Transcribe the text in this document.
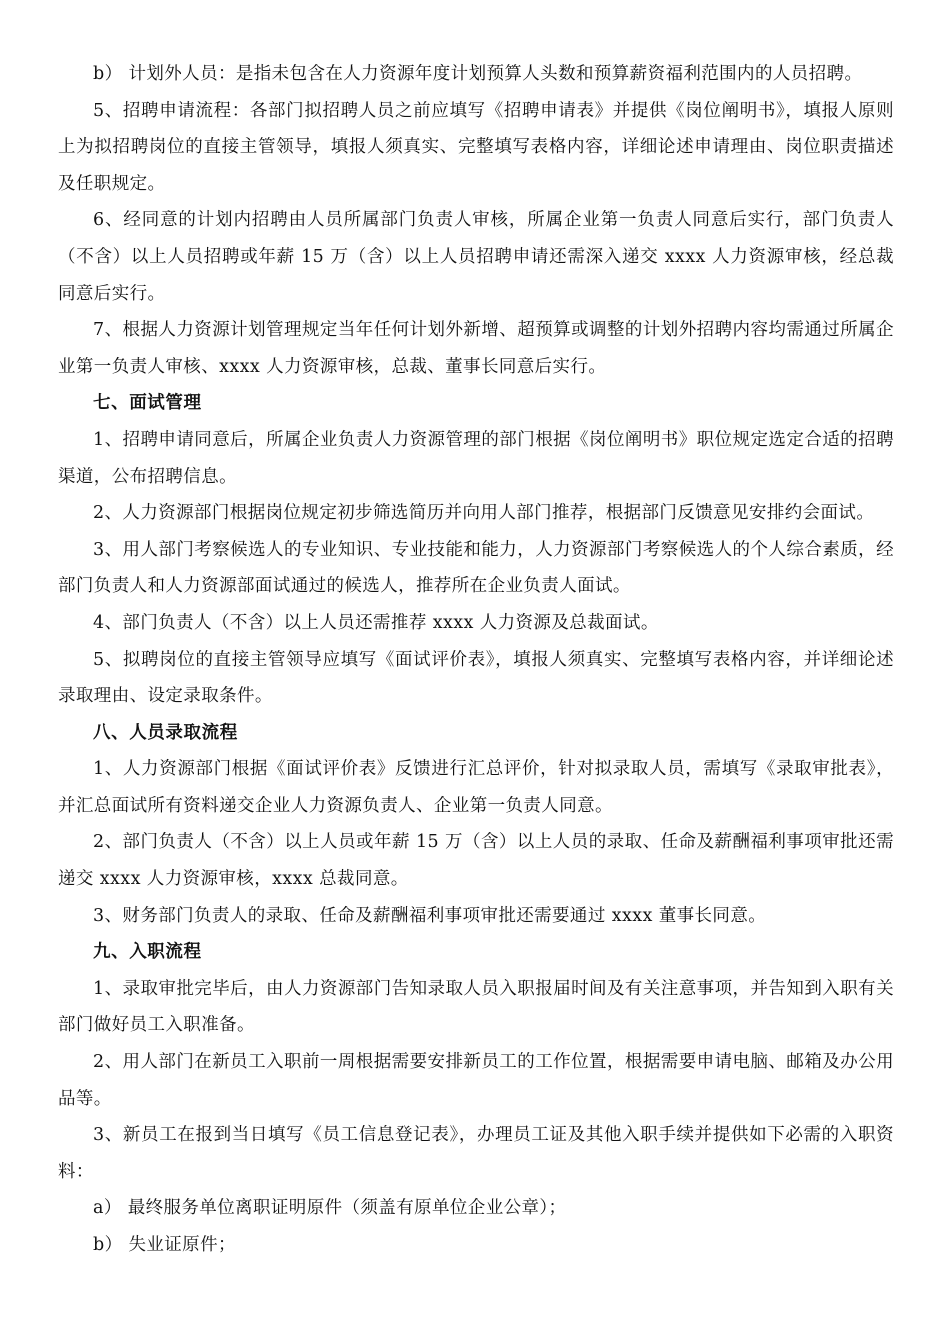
b） 计划外人员：是指未包含在人力资源年度计划预算人头数和预算薪资福利范围内的人员招聘。

5、招聘申请流程：各部门拟招聘人员之前应填写《招聘申请表》并提供《岗位阐明书》，填报人原则上为拟招聘岗位的直接主管领导，填报人须真实、完整填写表格内容，详细论述申请理由、岗位职责描述及任职规定。

6、经同意的计划内招聘由人员所属部门负责人审核，所属企业第一负责人同意后实行，部门负责人（不含）以上人员招聘或年薪 15 万（含）以上人员招聘申请还需深入递交 xxxx 人力资源审核，经总裁同意后实行。

7、根据人力资源计划管理规定当年任何计划外新增、超预算或调整的计划外招聘内容均需通过所属企业第一负责人审核、xxxx 人力资源审核，总裁、董事长同意后实行。

七、面试管理

1、招聘申请同意后，所属企业负责人力资源管理的部门根据《岗位阐明书》职位规定选定合适的招聘渠道，公布招聘信息。

2、人力资源部门根据岗位规定初步筛选简历并向用人部门推荐，根据部门反馈意见安排约会面试。

3、用人部门考察候选人的专业知识、专业技能和能力，人力资源部门考察候选人的个人综合素质，经部门负责人和人力资源部面试通过的候选人，推荐所在企业负责人面试。

4、部门负责人（不含）以上人员还需推荐 xxxx 人力资源及总裁面试。

5、拟聘岗位的直接主管领导应填写《面试评价表》，填报人须真实、完整填写表格内容，并详细论述录取理由、设定录取条件。

八、人员录取流程

1、人力资源部门根据《面试评价表》反馈进行汇总评价，针对拟录取人员，需填写《录取审批表》，并汇总面试所有资料递交企业人力资源负责人、企业第一负责人同意。

2、部门负责人（不含）以上人员或年薪 15 万（含）以上人员的录取、任命及薪酬福利事项审批还需递交 xxxx 人力资源审核，xxxx 总裁同意。

3、财务部门负责人的录取、任命及薪酬福利事项审批还需要通过 xxxx 董事长同意。

九、入职流程

1、录取审批完毕后，由人力资源部门告知录取人员入职报届时间及有关注意事项，并告知到入职有关部门做好员工入职准备。

2、用人部门在新员工入职前一周根据需要安排新员工的工作位置，根据需要申请电脑、邮箱及办公用品等。

3、新员工在报到当日填写《员工信息登记表》，办理员工证及其他入职手续并提供如下必需的入职资料：

a） 最终服务单位离职证明原件（须盖有原单位企业公章）；

b） 失业证原件；
